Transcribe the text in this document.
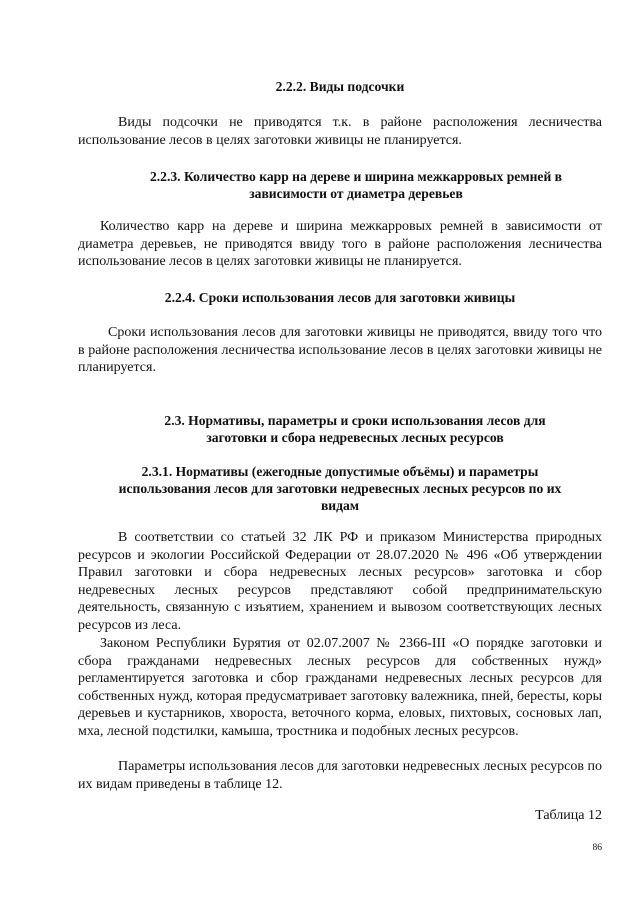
2.2.2. Виды подсочки

Виды подсочки не приводятся т.к. в районе расположения лесничества использование лесов в целях заготовки живицы не планируется.

2.2.3. Количество карр на дереве и ширина межкарровых ремней в
зависимости от диаметра деревьев

Количество карр на дереве и ширина межкарровых ремней в зависимости от диаметра деревьев, не приводятся ввиду того в районе расположения лесничества использование лесов в целях заготовки живицы не планируется.

2.2.4. Сроки использования лесов для заготовки живицы

Сроки использования лесов для заготовки живицы не приводятся, ввиду того что в районе расположения лесничества использование лесов в целях заготовки живицы не планируется.

2.3. Нормативы, параметры и сроки использования лесов для
заготовки и сбора недревесных лесных ресурсов

2.3.1. Нормативы (ежегодные допустимые объёмы) и параметры
использования лесов для заготовки недревесных лесных ресурсов по их
видам

В соответствии со статьей 32 ЛК РФ и приказом Министерства природных ресурсов и экологии Российской Федерации от 28.07.2020 № 496 «Об утверждении Правил заготовки и сбора недревесных лесных ресурсов» заготовка и сбор недревесных лесных ресурсов представляют собой предпринимательскую деятельность, связанную с изъятием, хранением и вывозом соответствующих лесных ресурсов из леса.

Законом Республики Бурятия от 02.07.2007 № 2366-III «О порядке заготовки и сбора гражданами недревесных лесных ресурсов для собственных нужд» регламентируется заготовка и сбор гражданами недревесных лесных ресурсов для собственных нужд, которая предусматривает заготовку валежника, пней, бересты, коры деревьев и кустарников, хвороста, веточного корма, еловых, пихтовых, сосновых лап, мха, лесной подстилки, камыша, тростника и подобных лесных ресурсов.

Параметры использования лесов для заготовки недревесных лесных ресурсов по их видам приведены в таблице 12.

Таблица 12

86
